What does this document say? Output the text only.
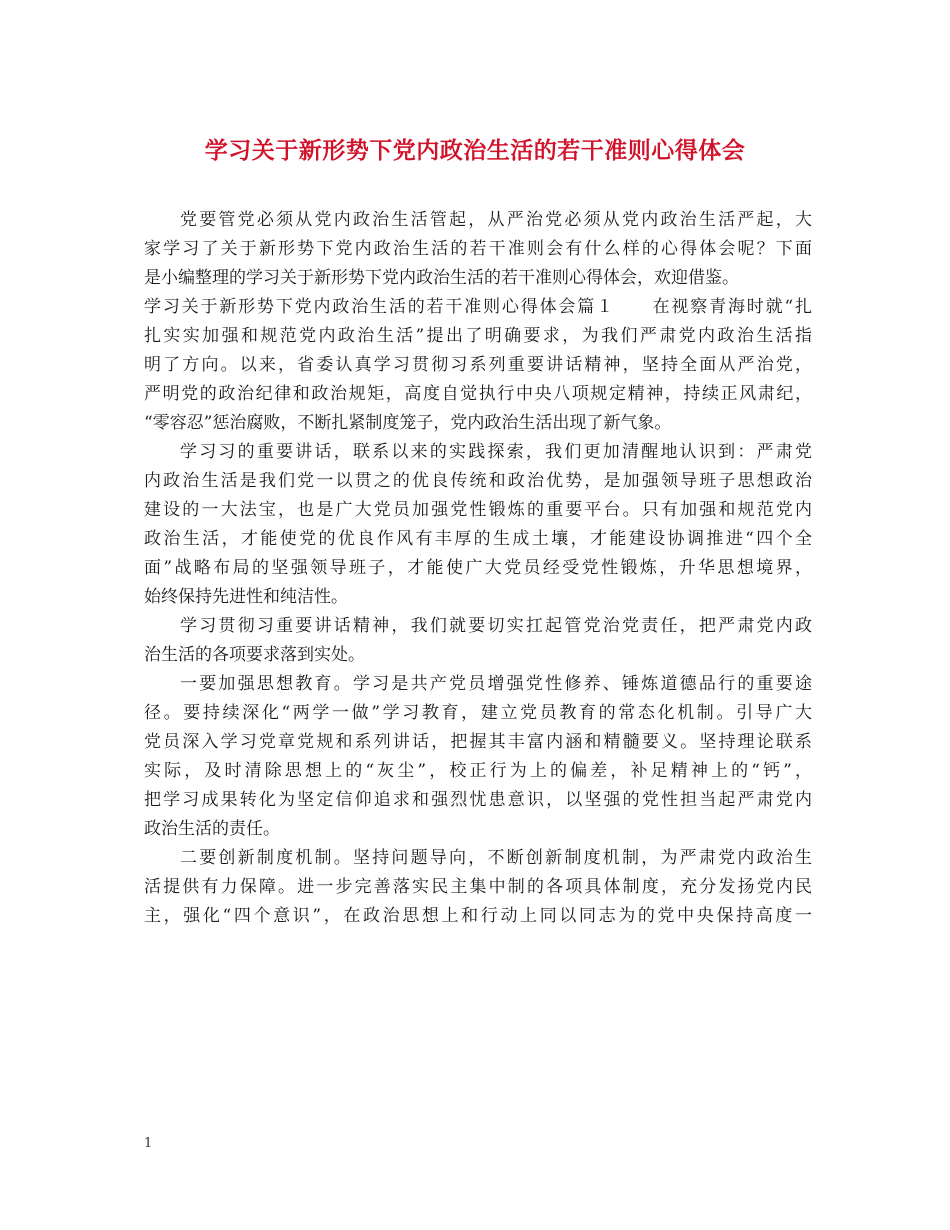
学习关于新形势下党内政治生活的若干准则心得体会
党要管党必须从党内政治生活管起，从严治党必须从党内政治生活严起，大
家学习了关于新形势下党内政治生活的若干准则会有什么样的心得体会呢？下面
是小编整理的学习关于新形势下党内政治生活的若干准则心得体会，欢迎借鉴。
学习关于新形势下党内政治生活的若干准则心得体会篇１　　在视察青海时就“扎
扎实实加强和规范党内政治生活”提出了明确要求，为我们严肃党内政治生活指
明了方向。以来，省委认真学习贯彻习系列重要讲话精神，坚持全面从严治党，
严明党的政治纪律和政治规矩，高度自觉执行中央八项规定精神，持续正风肃纪，
“零容忍”惩治腐败，不断扎紧制度笼子，党内政治生活出现了新气象。
学习习的重要讲话，联系以来的实践探索，我们更加清醒地认识到：严肃党
内政治生活是我们党一以贯之的优良传统和政治优势，是加强领导班子思想政治
建设的一大法宝，也是广大党员加强党性锻炼的重要平台。只有加强和规范党内
政治生活，才能使党的优良作风有丰厚的生成土壤，才能建设协调推进“四个全
面”战略布局的坚强领导班子，才能使广大党员经受党性锻炼，升华思想境界，
始终保持先进性和纯洁性。
学习贯彻习重要讲话精神，我们就要切实扛起管党治党责任，把严肃党内政
治生活的各项要求落到实处。
一要加强思想教育。学习是共产党员增强党性修养、锤炼道德品行的重要途
径。要持续深化“两学一做”学习教育，建立党员教育的常态化机制。引导广大
党员深入学习党章党规和系列讲话，把握其丰富内涵和精髓要义。坚持理论联系
实际，及时清除思想上的“灰尘”，校正行为上的偏差，补足精神上的“钙”，
把学习成果转化为坚定信仰追求和强烈忧患意识，以坚强的党性担当起严肃党内
政治生活的责任。
二要创新制度机制。坚持问题导向，不断创新制度机制，为严肃党内政治生
活提供有力保障。进一步完善落实民主集中制的各项具体制度，充分发扬党内民
主，强化“四个意识”，在政治思想上和行动上同以同志为的党中央保持高度一
1
